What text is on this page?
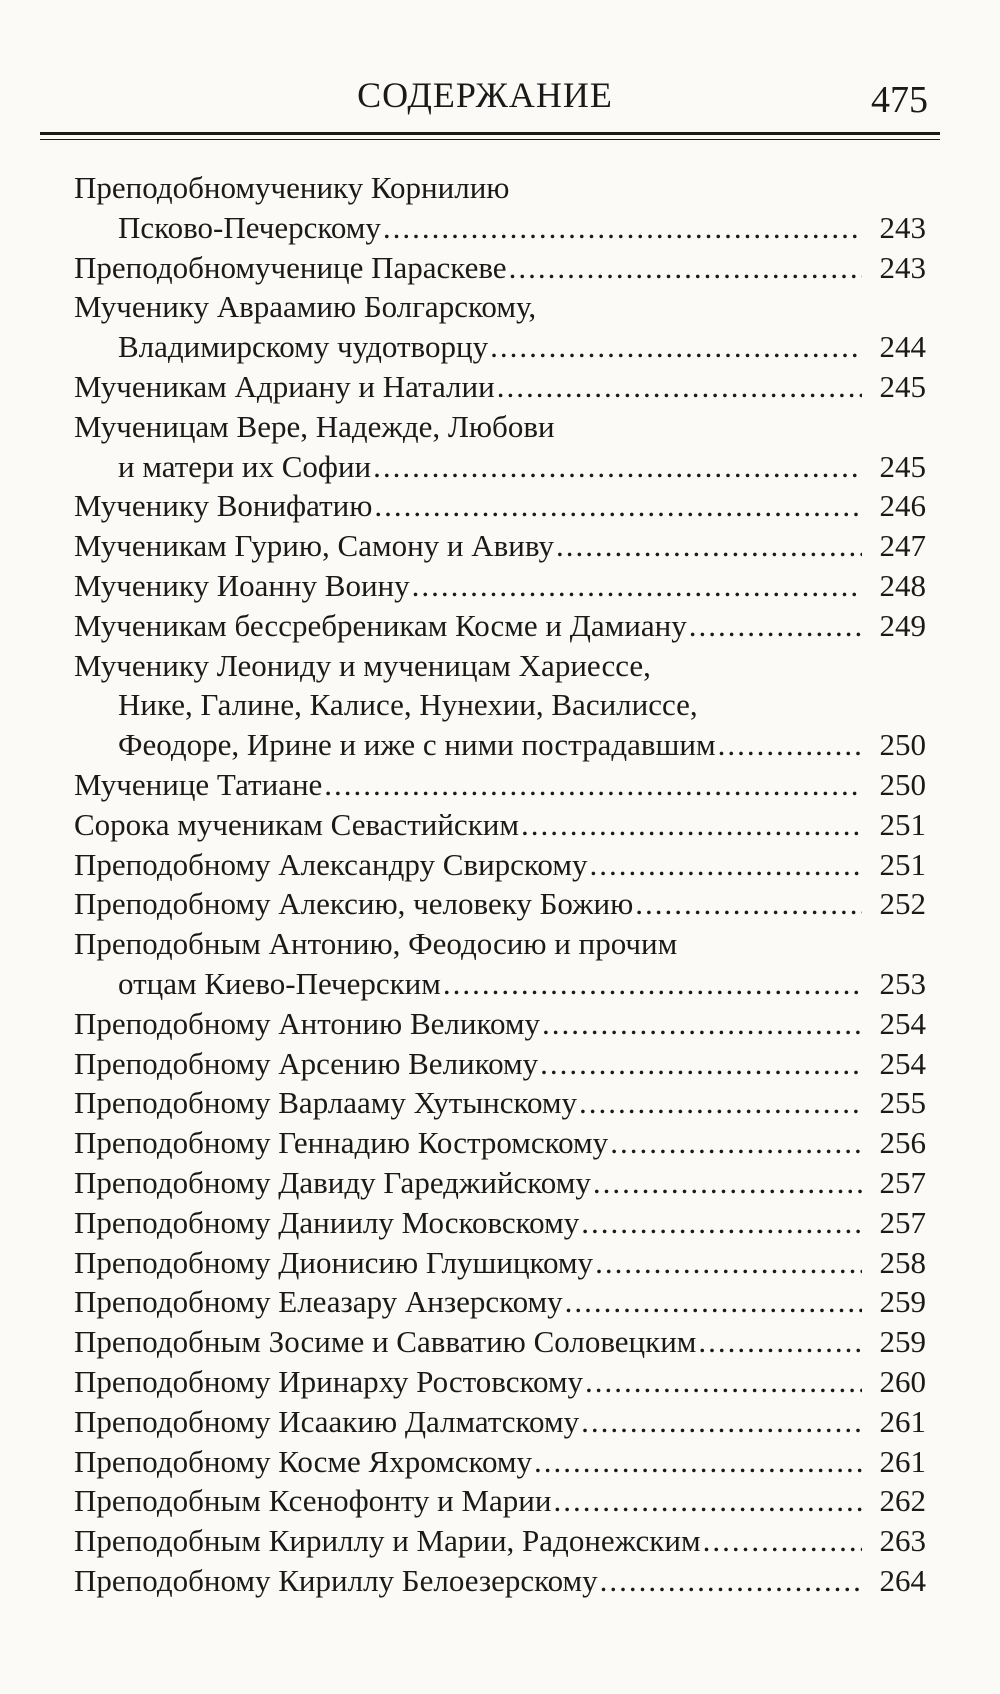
СОДЕРЖАНИЕ	475
Преподобномученику Корнилию
Псково-Печерскому .....	243
Преподобномученице Параскеве .....	243
Мученику Авраамию Болгарскому,
Владимирскому чудотворцу .....	244
Мученикам Адриану и Наталии .....	245
Мученицам Вере, Надежде, Любови
и матери их Софии .....	245
Мученику Вонифатию .....	246
Мученикам Гурию, Самону и Авиву .....	247
Мученику Иоанну Воину .....	248
Мученикам бессребреникам Косме и Дамиану .....	249
Мученику Леониду и мученицам Хариессе,
Нике, Галине, Калисе, Нунехии, Василиссе,
Феодоре, Ирине и иже с ними пострадавшим .....	250
Мученице Татиане .....	250
Сорока мученикам Севастийским .....	251
Преподобному Александру Свирскому .....	251
Преподобному Алексию, человеку Божию .....	252
Преподобным Антонию, Феодосию и прочим
отцам Киево-Печерским .....	253
Преподобному Антонию Великому .....	254
Преподобному Арсению Великому .....	254
Преподобному Варлааму Хутынскому .....	255
Преподобному Геннадию Костромскому .....	256
Преподобному Давиду Гареджийскому .....	257
Преподобному Даниилу Московскому .....	257
Преподобному Дионисию Глушицкому .....	258
Преподобному Елеазару Анзерскому .....	259
Преподобным Зосиме и Савватию Соловецким .....	259
Преподобному Иринарху Ростовскому .....	260
Преподобному Исаакию Далматскому .....	261
Преподобному Косме Яхромскому .....	261
Преподобным Ксенофонту и Марии .....	262
Преподобным Кириллу и Марии, Радонежским .....	263
Преподобному Кириллу Белоезерскому .....	264
